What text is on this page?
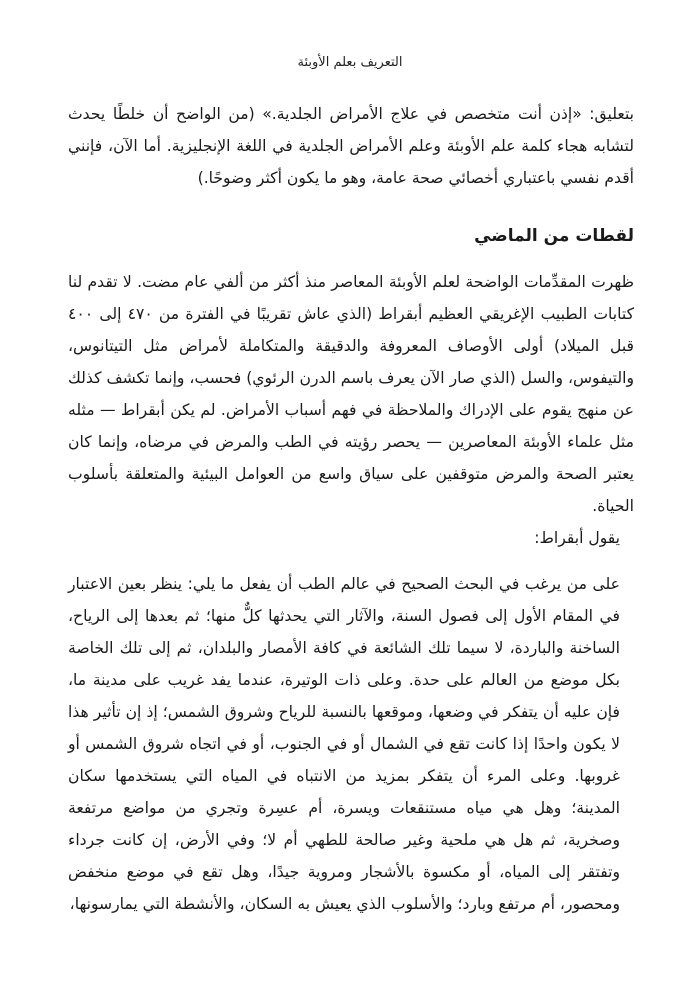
التعريف بعلم الأوبئة

بتعليق: «إذن أنت متخصص في علاج الأمراض الجلدية.» (من الواضح أن خلطًا يحدث لتشابه هجاء كلمة علم الأوبئة وعلم الأمراض الجلدية في اللغة الإنجليزية. أما الآن، فإنني أقدم نفسي باعتباري أخصائي صحة عامة، وهو ما يكون أكثر وضوحًا.)

لقطات من الماضي

ظهرت المقدِّمات الواضحة لعلم الأوبئة المعاصر منذ أكثر من ألفي عام مضت. لا تقدم لنا كتابات الطبيب الإغريقي العظيم أبقراط (الذي عاش تقريبًا في الفترة من ٤٧٠ إلى ٤٠٠ قبل الميلاد) أولى الأوصاف المعروفة والدقيقة والمتكاملة لأمراض مثل التيتانوس، والتيفوس، والسل (الذي صار الآن يعرف باسم الدرن الرئوي) فحسب، وإنما تكشف كذلك عن منهج يقوم على الإدراك والملاحظة في فهم أسباب الأمراض. لم يكن أبقراط — مثله مثل علماء الأوبئة المعاصرين — يحصر رؤيته في الطب والمرض في مرضاه، وإنما كان يعتبر الصحة والمرض متوقفين على سياق واسع من العوامل البيئية والمتعلقة بأسلوب الحياة.

يقول أبقراط:

على من يرغب في البحث الصحيح في عالم الطب أن يفعل ما يلي: ينظر بعين الاعتبار في المقام الأول إلى فصول السنة، والآثار التي يحدثها كلٌّ منها؛ ثم بعدها إلى الرياح، الساخنة والباردة، لا سيما تلك الشائعة في كافة الأمصار والبلدان، ثم إلى تلك الخاصة بكل موضع من العالم على حدة. وعلى ذات الوتيرة، عندما يفد غريب على مدينة ما، فإن عليه أن يتفكر في وضعها، وموقعها بالنسبة للرياح وشروق الشمس؛ إذ إن تأثير هذا لا يكون واحدًا إذا كانت تقع في الشمال أو في الجنوب، أو في اتجاه شروق الشمس أو غروبها. وعلى المرء أن يتفكر بمزيد من الانتباه في المياه التي يستخدمها سكان المدينة؛ وهل هي مياه مستنقعات ويسرة، أم عسِرة وتجري من مواضع مرتفعة وصخرية، ثم هل هي ملحية وغير صالحة للطهي أم لا؛ وفي الأرض، إن كانت جرداء وتفتقر إلى المياه، أو مكسوة بالأشجار ومروية جيدًا، وهل تقع في موضع منخفض ومحصور، أم مرتفع وبارد؛ والأسلوب الذي يعيش به السكان، والأنشطة التي يمارسونها،
